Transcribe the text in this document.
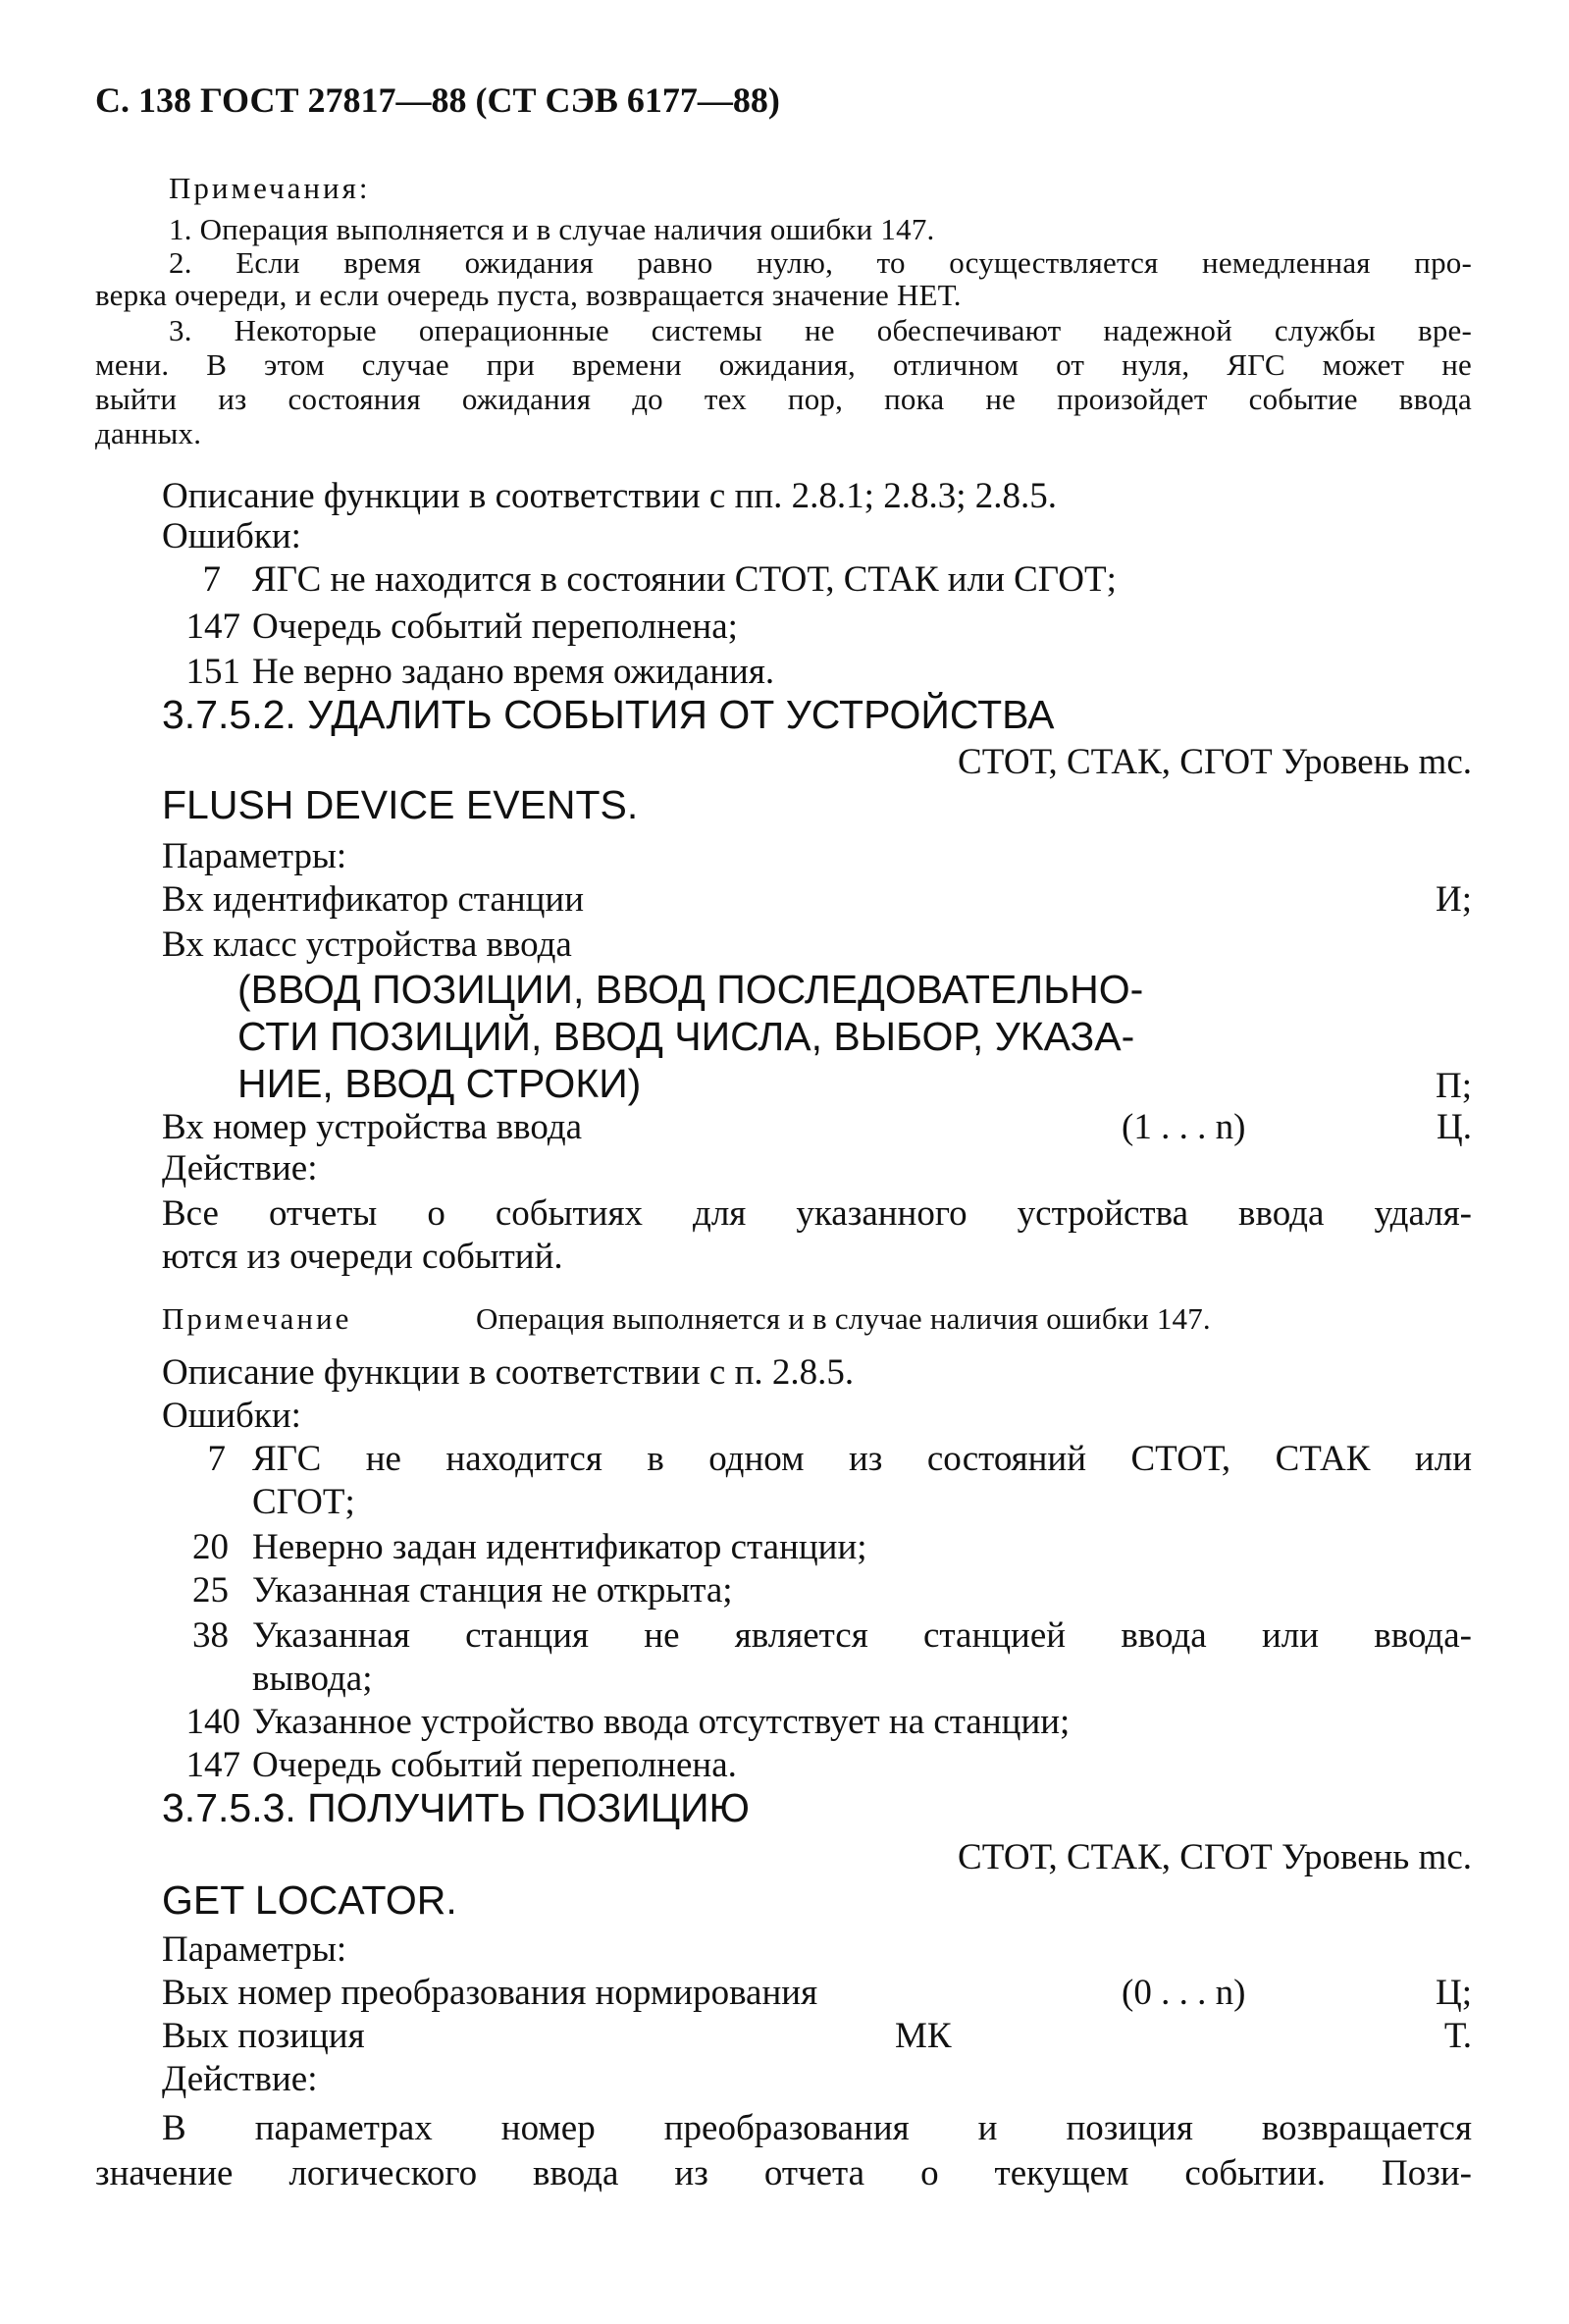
С. 138 ГОСТ 27817—88 (СТ СЭВ 6177—88)
Примечания:
1. Операция выполняется и в случае наличия ошибки 147.
2. Если время ожидания равно нулю, то осуществляется немедленная про-
верка очереди, и если очередь пуста, возвращается значение НЕТ.
3. Некоторые операционные системы не обеспечивают надежной службы вре-
мени. В этом случае при времени ожидания, отличном от нуля, ЯГС может не
выйти из состояния ожидания до тех пор, пока не произойдет событие ввода
данных.
Описание функции в соответствии с пп. 2.8.1; 2.8.3; 2.8.5.
Ошибки:
7 ЯГС не находится в состоянии СТОТ, СТАК или СГОТ;
147 Очередь событий переполнена;
151 Не верно задано время ожидания.
3.7.5.2. УДАЛИТЬ СОБЫТИЯ ОТ УСТРОЙСТВА
СТОТ, СТАК, СГОТ Уровень mc.
FLUSH DEVICE EVENTS.
Параметры:
Вх идентификатор станции	И;
Вх класс устройства ввода
(ВВОД ПОЗИЦИИ, ВВОД ПОСЛЕДОВАТЕЛЬНО-
СТИ ПОЗИЦИЙ, ВВОД ЧИСЛА, ВЫБОР, УКАЗА-
НИЕ, ВВОД СТРОКИ)	П;
Вх номер устройства ввода	(1 . . . n)	Ц.
Действие:
Все отчеты о событиях для указанного устройства ввода удаля-
ются из очереди событий.
Примечание	Операция выполняется и в случае наличия ошибки 147.
Описание функции в соответствии с п. 2.8.5.
Ошибки:
7 ЯГС не находится в одном из состояний СТОТ, СТАК или
СГОТ;
20 Неверно задан идентификатор станции;
25 Указанная станция не открыта;
38 Указанная станция не является станцией ввода или ввода-
вывода;
140 Указанное устройство ввода отсутствует на станции;
147 Очередь событий переполнена.
3.7.5.3. ПОЛУЧИТЬ ПОЗИЦИЮ
СТОТ, СТАК, СГОТ Уровень mc.
GET LOCATOR.
Параметры:
Вых номер преобразования нормирования	(0 . . . n)	Ц;
Вых позиция	МК	Т.
Действие:
В параметрах номер преобразования и позиция возвращается
значение логического ввода из отчета о текущем событии. Пози-
